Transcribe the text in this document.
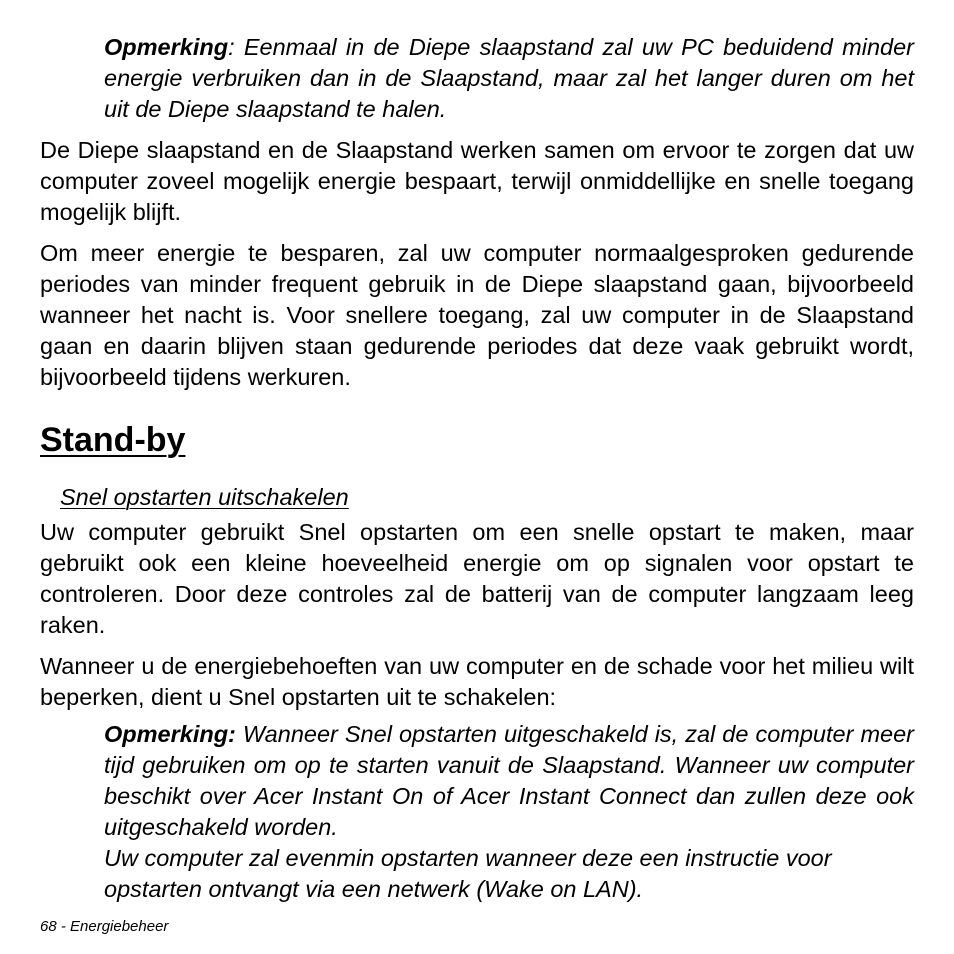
Opmerking: Eenmaal in de Diepe slaapstand zal uw PC beduidend minder energie verbruiken dan in de Slaapstand, maar zal het langer duren om het uit de Diepe slaapstand te halen.

De Diepe slaapstand en de Slaapstand werken samen om ervoor te zorgen dat uw computer zoveel mogelijk energie bespaart, terwijl onmiddellijke en snelle toegang mogelijk blijft.

Om meer energie te besparen, zal uw computer normaalgesproken gedurende periodes van minder frequent gebruik in de Diepe slaapstand gaan, bijvoorbeeld wanneer het nacht is. Voor snellere toegang, zal uw computer in de Slaapstand gaan en daarin blijven staan gedurende periodes dat deze vaak gebruikt wordt, bijvoorbeeld tijdens werkuren.

Stand-by
Snel opstarten uitschakelen

Uw computer gebruikt Snel opstarten om een snelle opstart te maken, maar gebruikt ook een kleine hoeveelheid energie om op signalen voor opstart te controleren. Door deze controles zal de batterij van de computer langzaam leeg raken.

Wanneer u de energiebehoeften van uw computer en de schade voor het milieu wilt beperken, dient u Snel opstarten uit te schakelen:

Opmerking: Wanneer Snel opstarten uitgeschakeld is, zal de computer meer tijd gebruiken om op te starten vanuit de Slaapstand. Wanneer uw computer beschikt over Acer Instant On of Acer Instant Connect dan zullen deze ook uitgeschakeld worden.

Uw computer zal evenmin opstarten wanneer deze een instructie voor opstarten ontvangt via een netwerk (Wake on LAN).

68 - Energiebeheer
